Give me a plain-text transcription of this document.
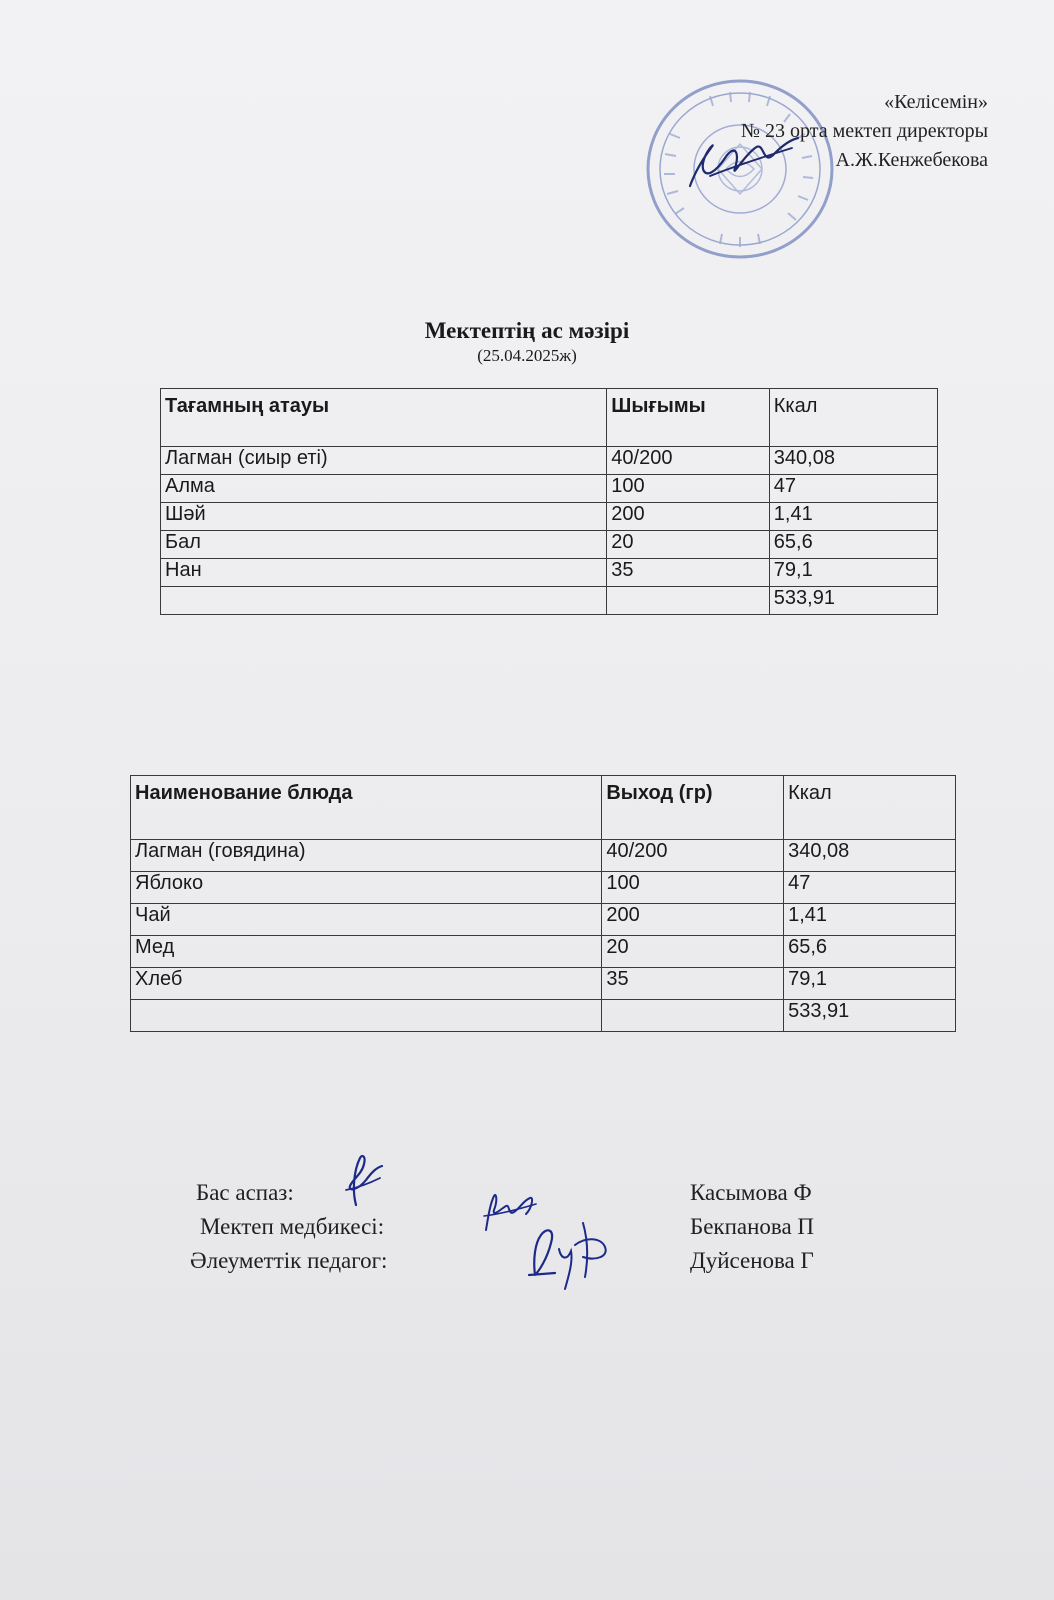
«Келісемін»
№ 23 орта мектеп директоры
А.Ж.Кенжебекова
Мектептің ас мәзірі
(25.04.2025ж)
Тағамның атауы	Шығымы	Ккал
Лагман (сиыр еті)	40/200	340,08
Алма	100	47
Шәй	200	1,41
Бал	20	65,6
Нан	35	79,1
		533,91
Наименование блюда	Выход (гр)	Ккал
Лагман (говядина)	40/200	340,08
Яблоко	100	47
Чай	200	1,41
Мед	20	65,6
Хлеб	35	79,1
		533,91
Бас аспаз:	Касымова Ф
Мектеп медбикесі:	Бекпанова П
Әлеуметтік педагог:	Дуйсенова Г
